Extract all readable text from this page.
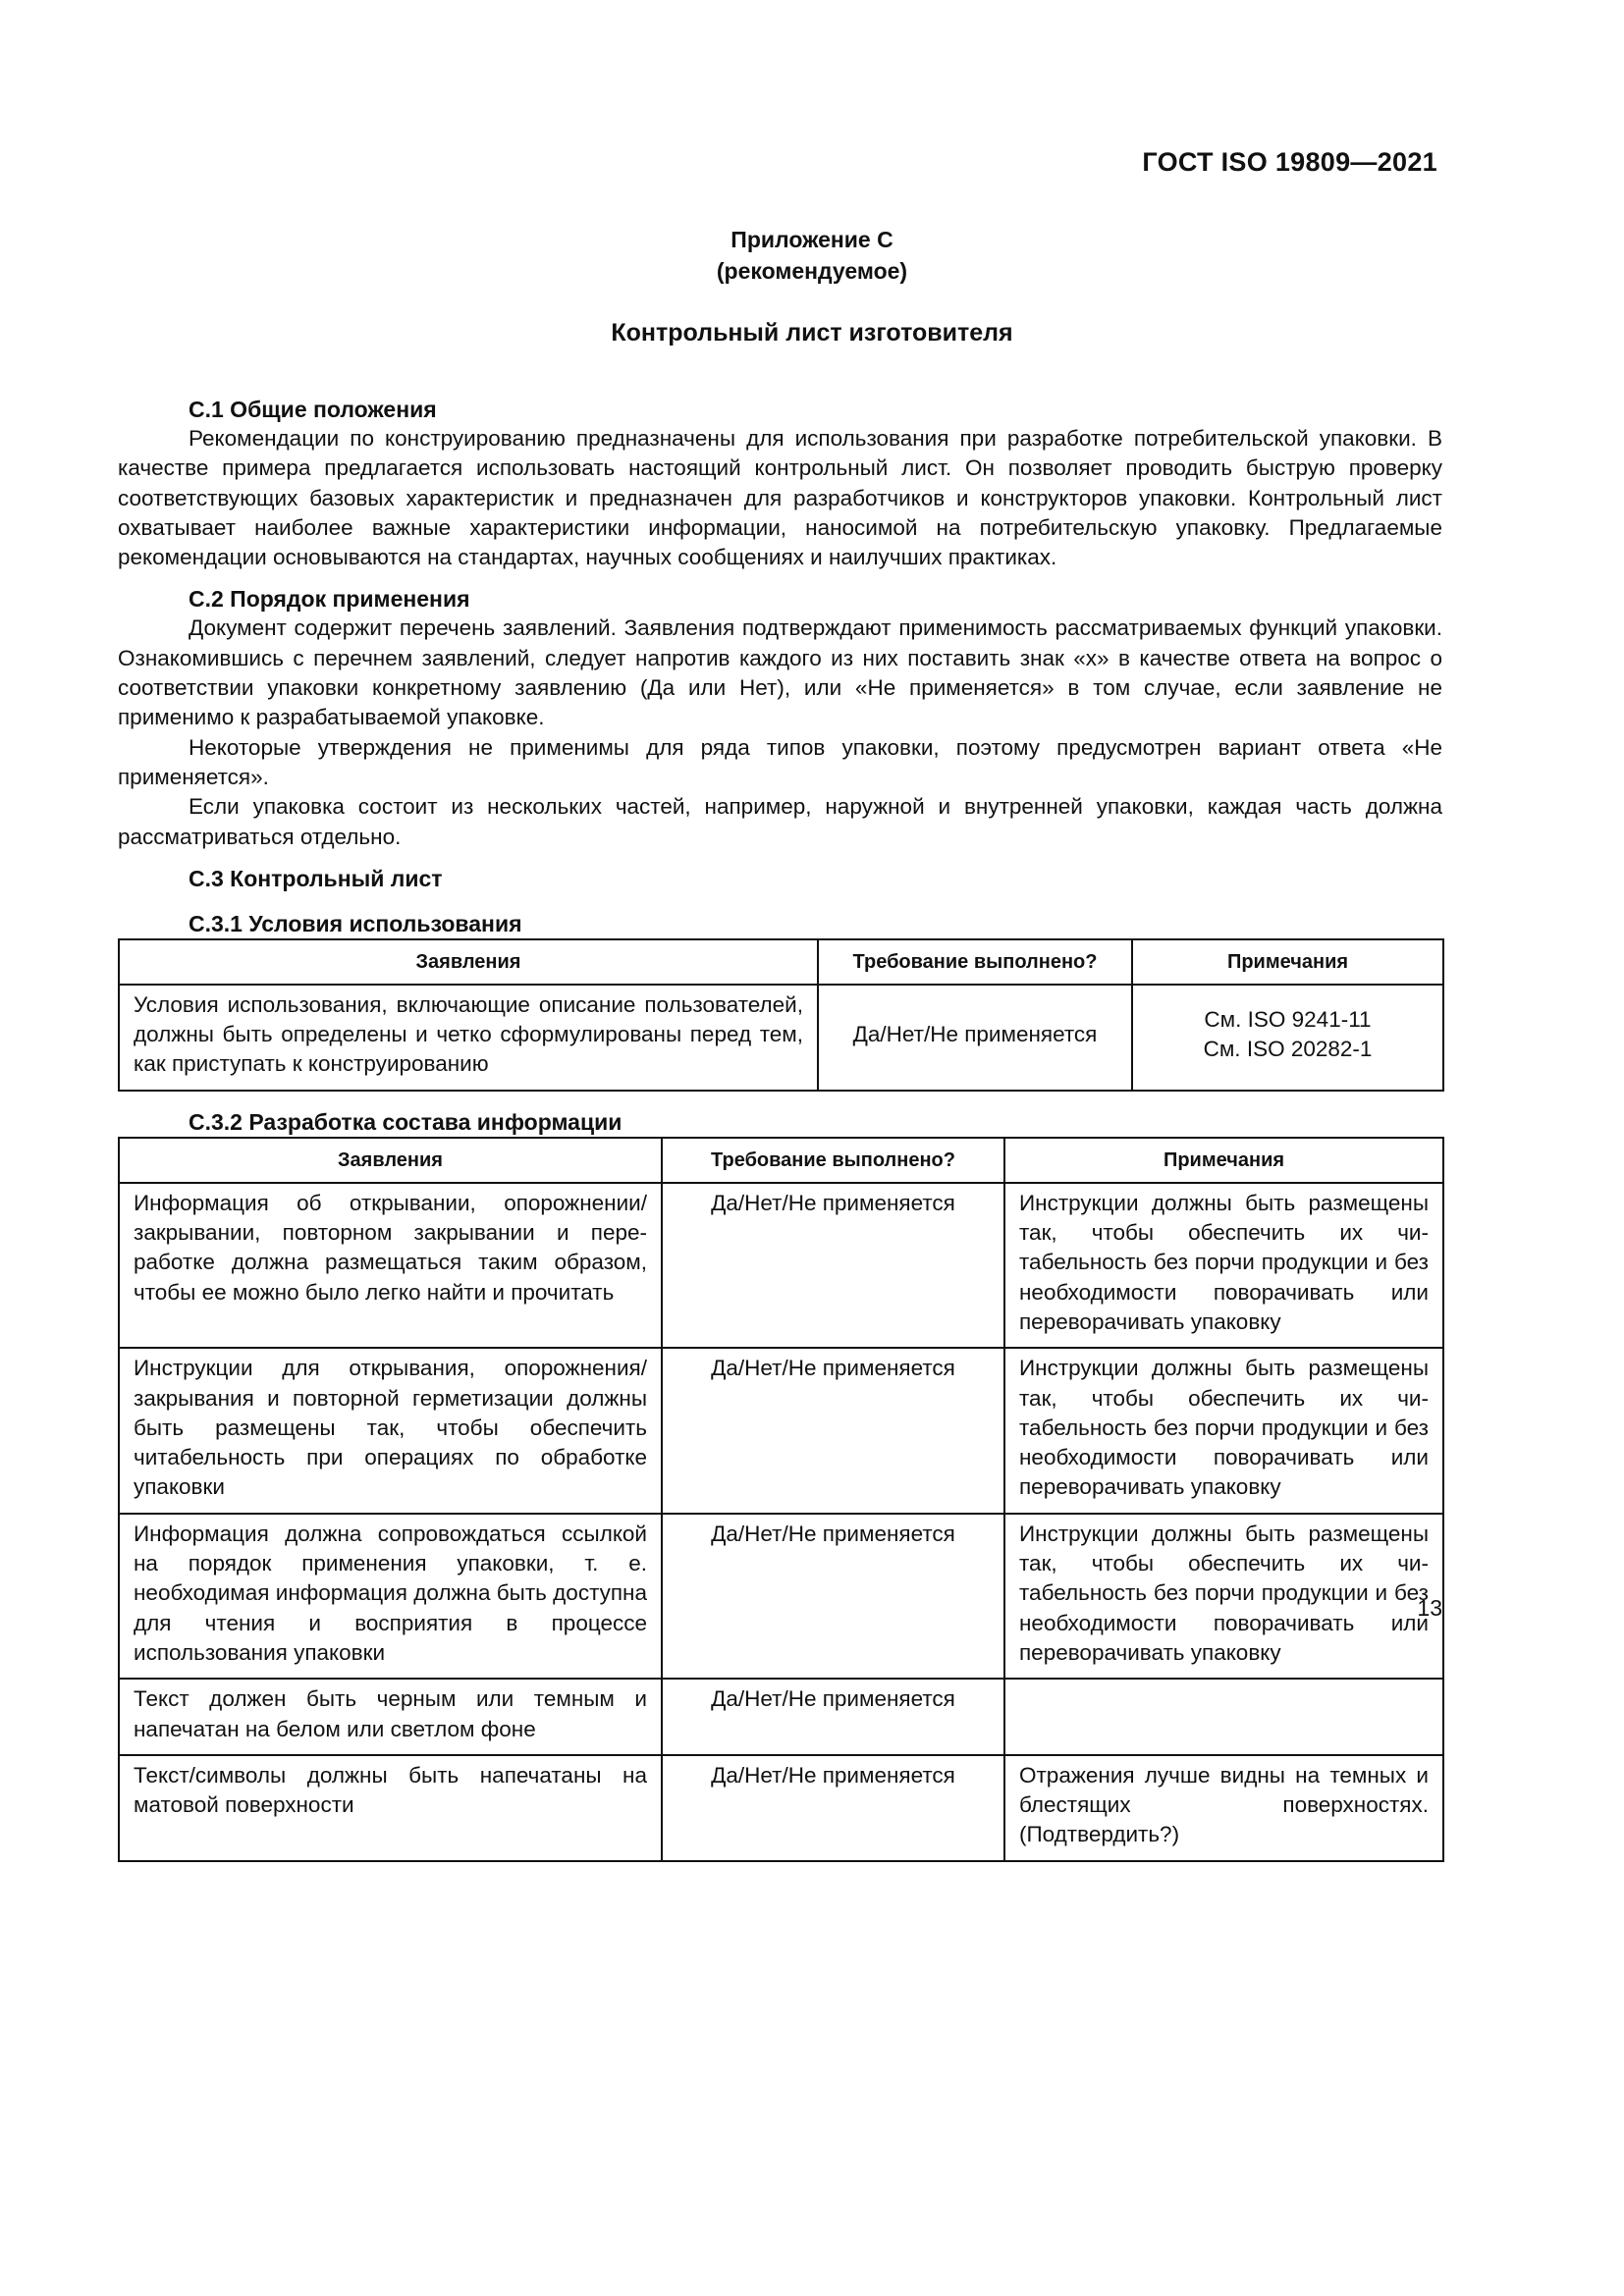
ГОСТ ISO 19809—2021
Приложение С
(рекомендуемое)
Контрольный лист изготовителя
С.1 Общие положения

Рекомендации по конструированию предназначены для использования при разработке потребительской упаковки. В качестве примера предлагается использовать настоящий контрольный лист. Он позволяет проводить быструю проверку соответствующих базовых характеристик и предназначен для разработчиков и конструкторов упаковки. Контрольный лист охватывает наиболее важные характеристики информации, наносимой на потребительскую упаковку. Предлагаемые рекомендации основываются на стандартах, научных сообщениях и наилучших практиках.

С.2 Порядок применения

Документ содержит перечень заявлений. Заявления подтверждают применимость рассматриваемых функций упаковки. Ознакомившись с перечнем заявлений, следует напротив каждого из них поставить знак «х» в качестве ответа на вопрос о соответствии упаковки конкретному заявлению (Да или Нет), или «Не применяется» в том случае, если заявление не применимо к разрабатываемой упаковке.

Некоторые утверждения не применимы для ряда типов упаковки, поэтому предусмотрен вариант ответа «Не применяется».

Если упаковка состоит из нескольких частей, например, наружной и внутренней упаковки, каждая часть должна рассматриваться отдельно.

С.3 Контрольный лист
С.3.1 Условия использования
Заявления	Требование выполнено?	Примечания
Условия использования, включающие описание пользователей, должны быть определены и четко сформулированы перед тем, как приступать к конструированию	Да/Нет/Не применяется	См. ISO 9241-11
См. ISO 20282-1
С.3.2 Разработка состава информации
Заявления	Требование выполнено?	Примечания
Информация об открывании, опорожнении/закрывании, повторном закрывании и переработке должна размещаться таким образом, чтобы ее можно было легко найти и прочитать	Да/Нет/Не применяется	Инструкции должны быть размещены так, чтобы обеспечить их читабельность без порчи продукции и без необходимости поворачивать или переворачивать упаковку
Инструкции для открывания, опорожнения/закрывания и повторной герметизации должны быть размещены так, чтобы обеспечить читабельность при операциях по обработке упаковки	Да/Нет/Не применяется	Инструкции должны быть размещены так, чтобы обеспечить их читабельность без порчи продукции и без необходимости поворачивать или переворачивать упаковку
Информация должна сопровождаться ссылкой на порядок применения упаковки, т. е. необходимая информация должна быть доступна для чтения и восприятия в процессе использования упаковки	Да/Нет/Не применяется	Инструкции должны быть размещены так, чтобы обеспечить их читабельность без порчи продукции и без необходимости поворачивать или переворачивать упаковку
Текст должен быть черным или темным и напечатан на белом или светлом фоне	Да/Нет/Не применяется	
Текст/символы должны быть напечатаны на матовой поверхности	Да/Нет/Не применяется	Отражения лучше видны на темных и блестящих поверхностях. (Подтвердить?)
13
